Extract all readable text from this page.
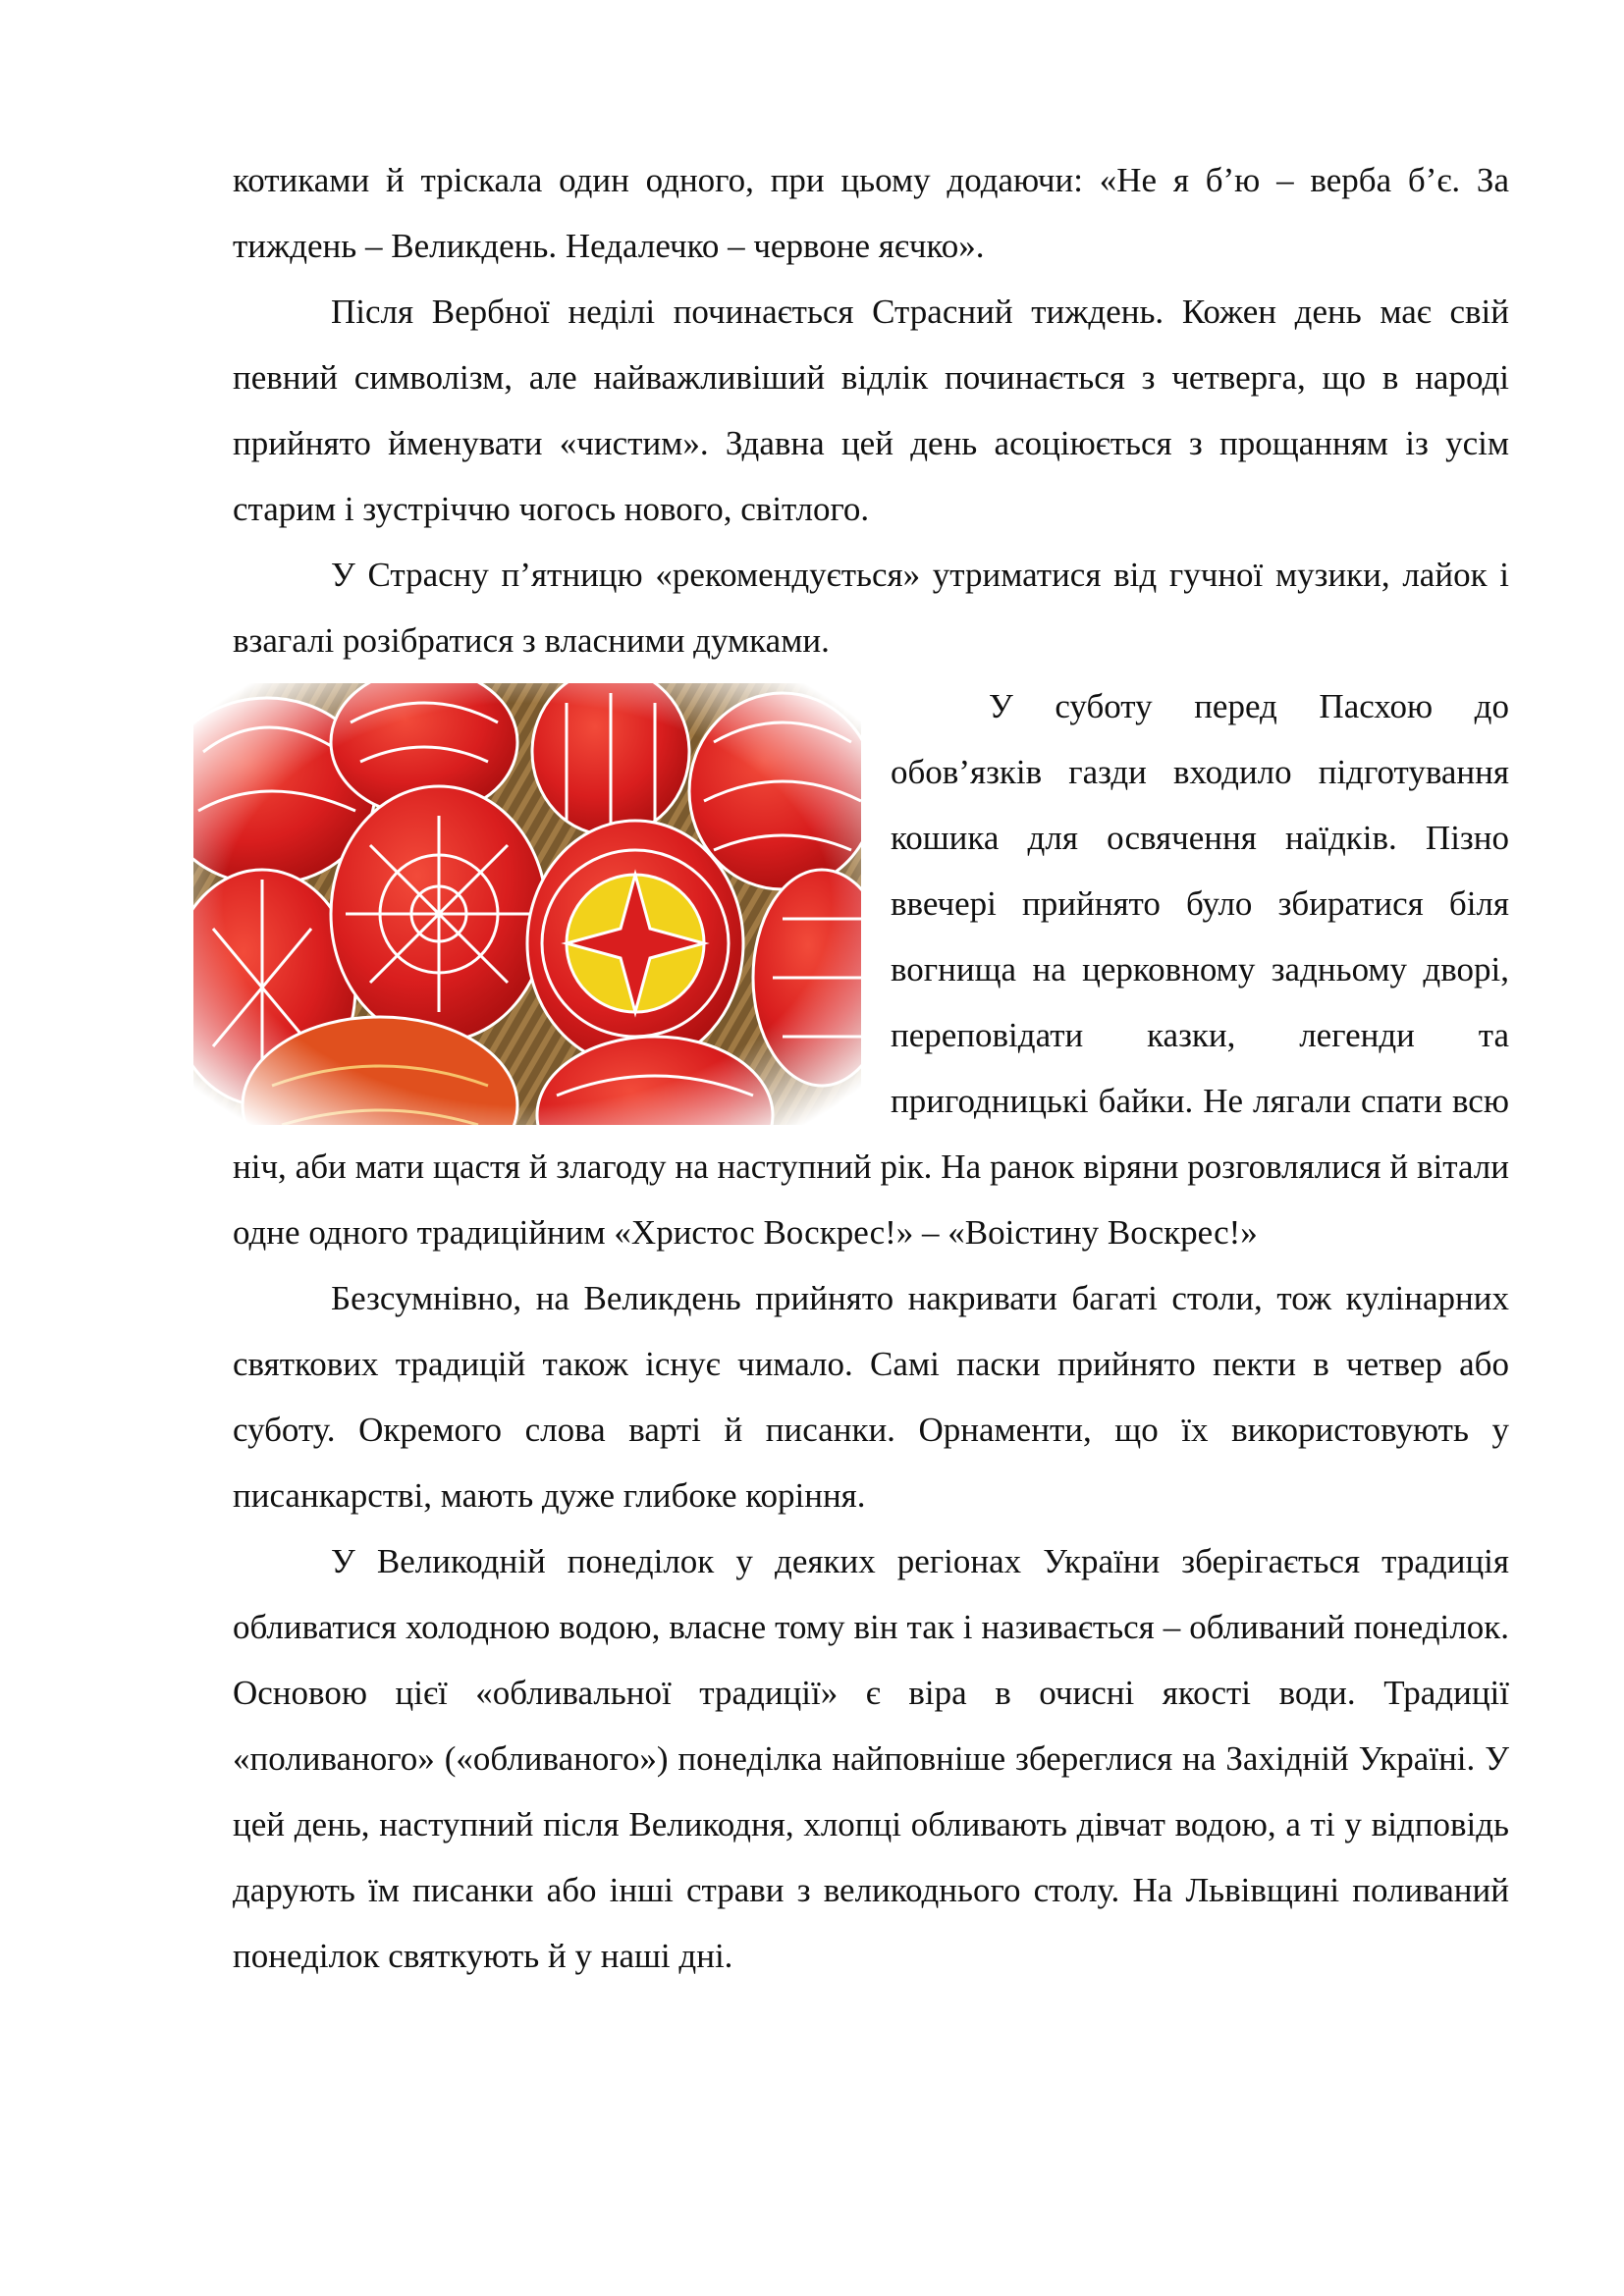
котиками й тріскала один одного, при цьому додаючи: «Не я б’ю – верба б’є. За тиждень – Великдень. Недалечко – червоне яєчко».

Після Вербної неділі починається Страсний тиждень. Кожен день має свій певний символізм, але найважливіший відлік починається з четверга, що в народі прийнято йменувати «чистим». Здавна цей день асоціюється з прощанням із усім старим і зустріччю чогось нового, світлого.

У Страсну п’ятницю «рекомендується» утриматися від гучної музики, лайок і взагалі розібратися з власними думками.

У суботу перед Пасхою до обов’язків газди входило підготування кошика для освячення наїдків. Пізно ввечері прийнято було збиратися біля вогнища на церковному задньому дворі, переповідати казки, легенди та пригодницькі байки. Не лягали спати всю ніч, аби мати щастя й злагоду на наступний рік. На ранок віряни розговлялися й вітали одне одного традиційним «Христос Воскрес!» – «Воістину Воскрес!»

Безсумнівно, на Великдень прийнято накривати багаті столи, тож кулінарних святкових традицій також існує чимало. Самі паски прийнято пекти в четвер або суботу. Окремого слова варті й писанки. Орнаменти, що їх використовують у писанкарстві, мають дуже глибоке коріння.

У Великодній понеділок у деяких регіонах України зберігається традиція обливатися холодною водою, власне тому він так і називається – обливаний понеділок. Основою цієї «обливальної традиції» є віра в очисні якості води. Традиції «поливаного» («обливаного») понеділка найповніше збереглися на Західній Україні. У цей день, наступний після Великодня, хлопці обливають дівчат водою, а ті у відповідь дарують їм писанки або інші страви з великоднього столу. На Львівщині поливаний понеділок святкують й у наші дні.
